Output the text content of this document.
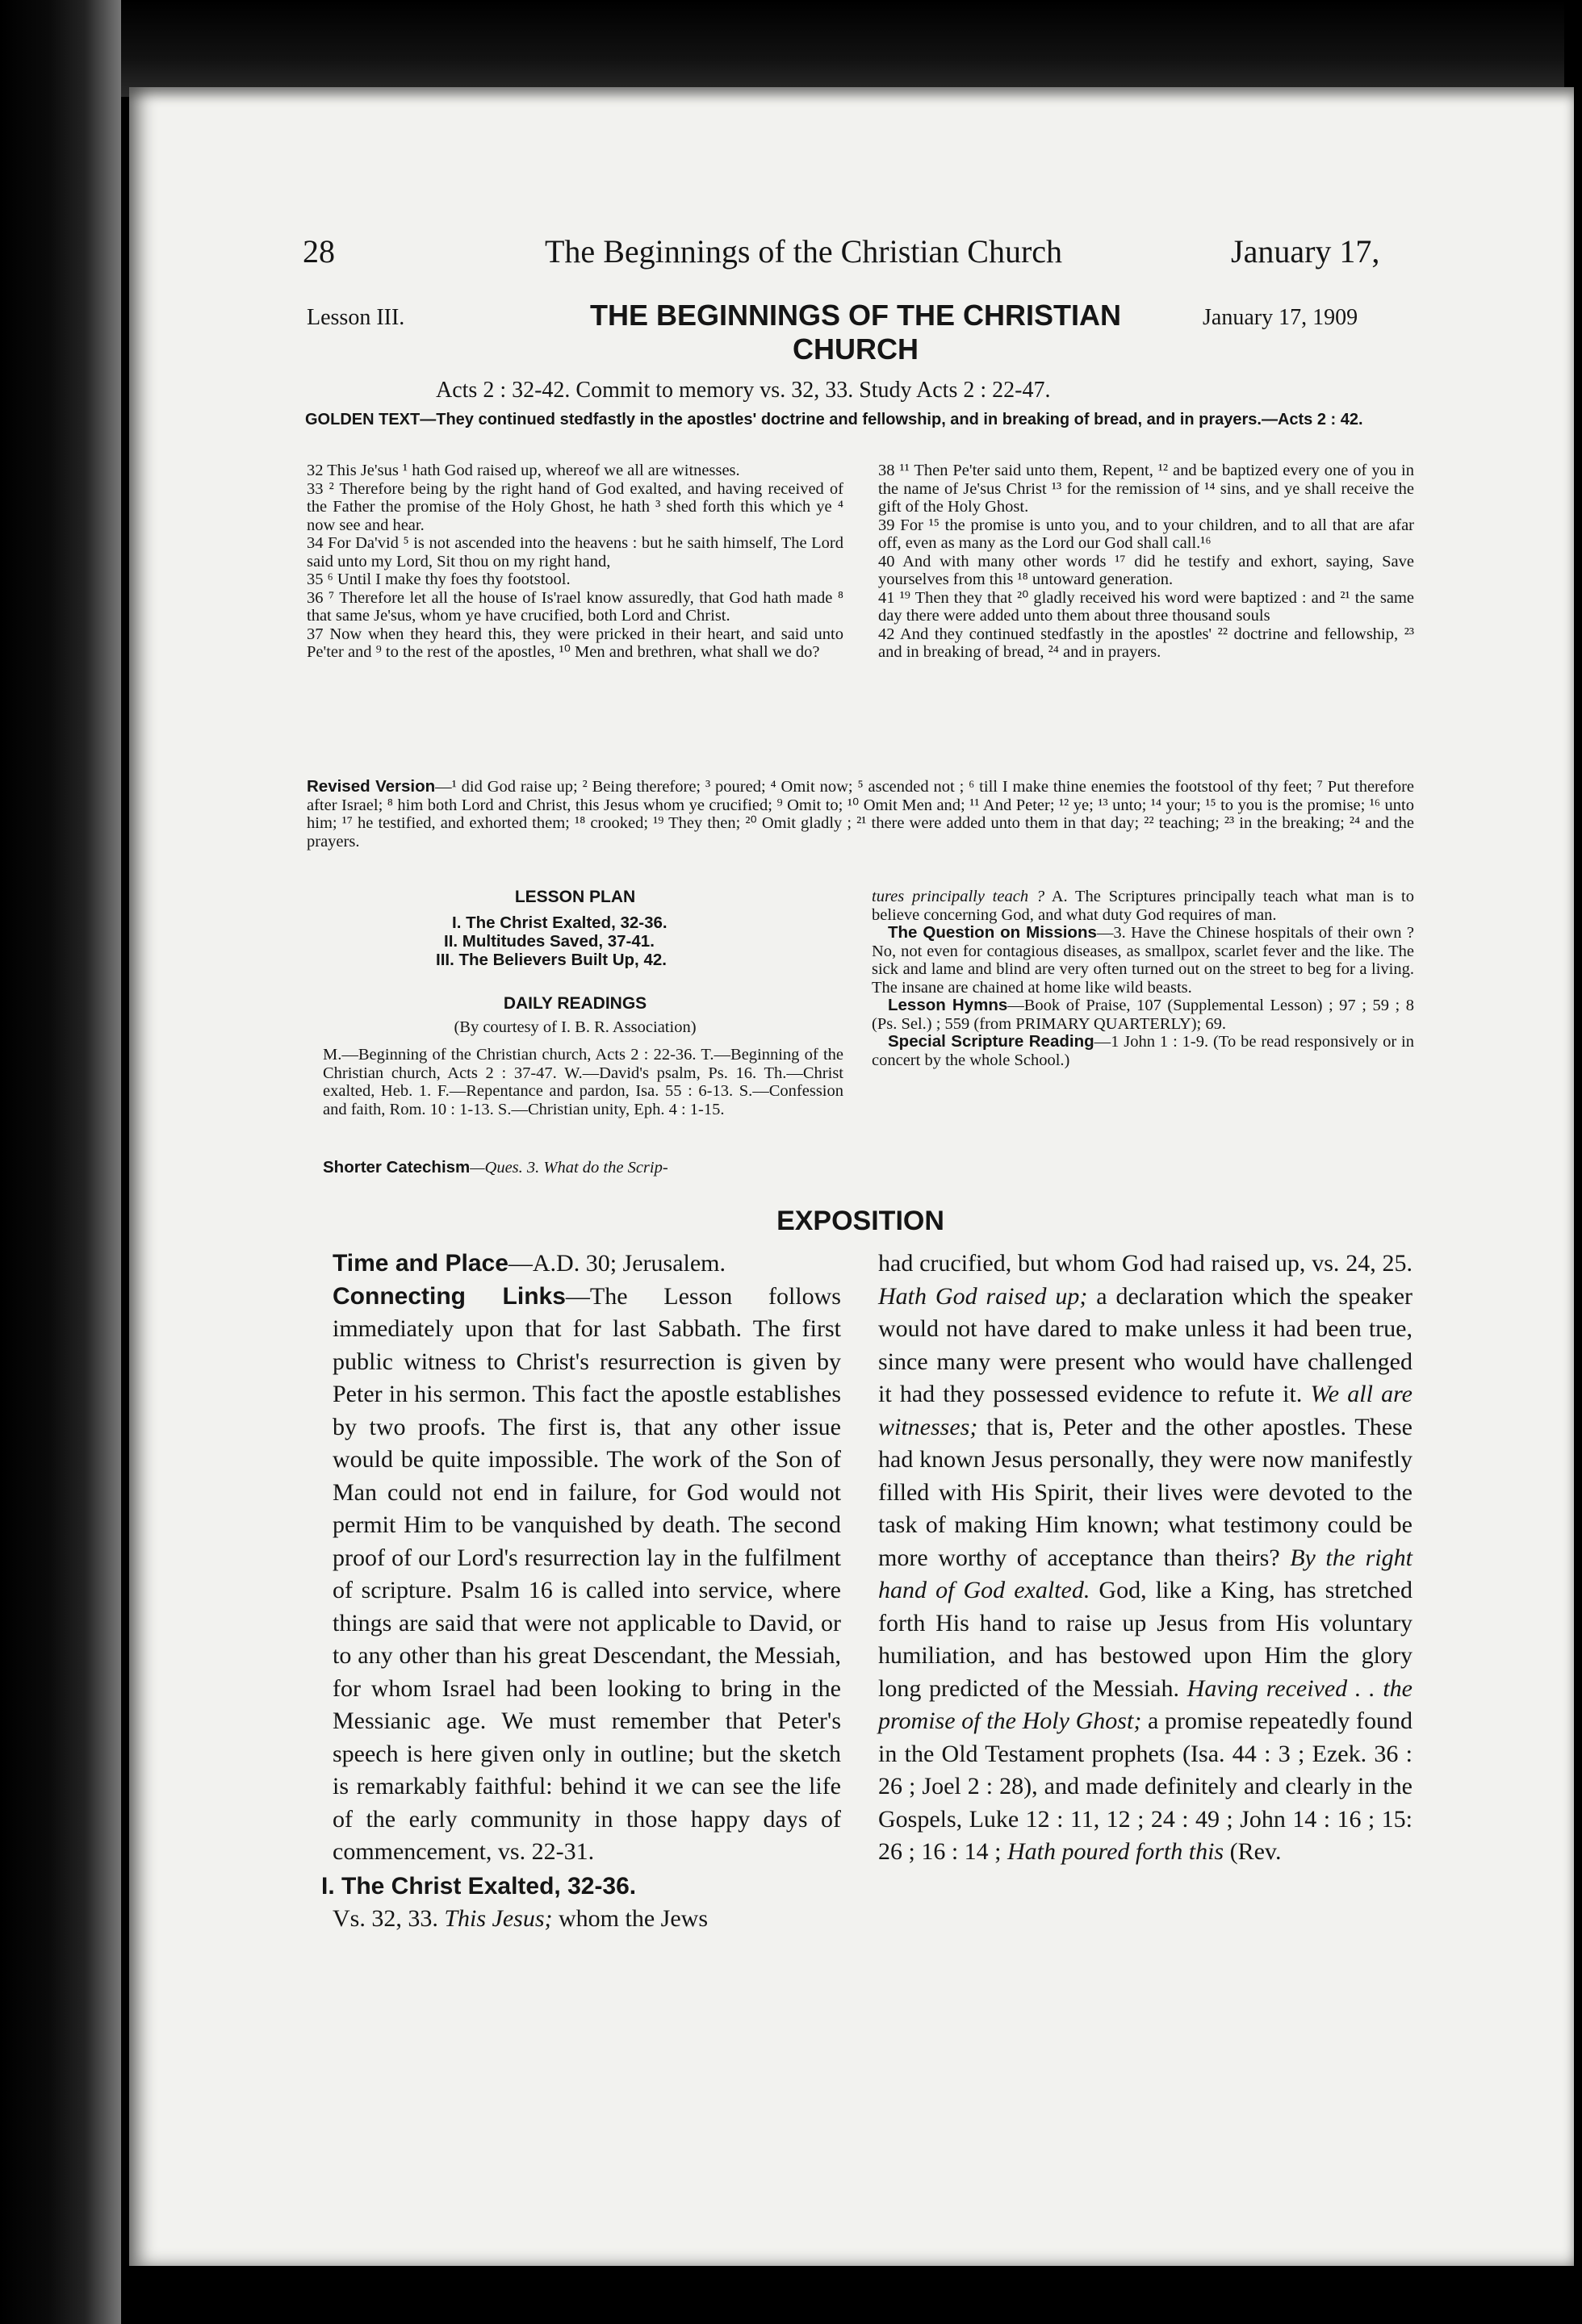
28	The Beginnings of the Christian Church	January 17,
Lesson III.	THE BEGINNINGS OF THE CHRISTIAN
CHURCH
January 17, 1909
Acts 2 : 32-42. Commit to memory vs. 32, 33. Study Acts 2 : 22-47.
GOLDEN TEXT—They continued stedfastly in the apostles' doctrine and fellowship, and in breaking of bread, and in prayers.—Acts 2 : 42.

32 This Je'sus ¹ hath God raised up, whereof we all are witnesses.

33 ² Therefore being by the right hand of God exalted, and having received of the Father the promise of the Holy Ghost, he hath ³ shed forth this which ye ⁴ now see and hear.

34 For Da'vid ⁵ is not ascended into the heavens : but he saith himself, The Lord said unto my Lord, Sit thou on my right hand,

35 ⁶ Until I make thy foes thy footstool.

36 ⁷ Therefore let all the house of Is'rael know assuredly, that God hath made ⁸ that same Je'sus, whom ye have crucified, both Lord and Christ.

37 Now when they heard this, they were pricked in their heart, and said unto Pe'ter and ⁹ to the rest of the apostles, ¹⁰ Men and brethren, what shall we do?

38 ¹¹ Then Pe'ter said unto them, Repent, ¹² and be baptized every one of you in the name of Je'sus Christ ¹³ for the remission of ¹⁴ sins, and ye shall receive the gift of the Holy Ghost.

39 For ¹⁵ the promise is unto you, and to your children, and to all that are afar off, even as many as the Lord our God shall call.¹⁶

40 And with many other words ¹⁷ did he testify and exhort, saying, Save yourselves from this ¹⁸ untoward generation.

41 ¹⁹ Then they that ²⁰ gladly received his word were baptized : and ²¹ the same day there were added unto them about three thousand souls

42 And they continued stedfastly in the apostles' ²² doctrine and fellowship, ²³ and in breaking of bread, ²⁴ and in prayers.

Revised Version—¹ did God raise up; ² Being therefore; ³ poured; ⁴ Omit now; ⁵ ascended not ; ⁶ till I make thine enemies the footstool of thy feet; ⁷ Put therefore after Israel; ⁸ him both Lord and Christ, this Jesus whom ye crucified; ⁹ Omit to; ¹⁰ Omit Men and; ¹¹ And Peter; ¹² ye; ¹³ unto; ¹⁴ your; ¹⁵ to you is the promise; ¹⁶ unto him; ¹⁷ he testified, and exhorted them; ¹⁸ crooked; ¹⁹ They then; ²⁰ Omit gladly ; ²¹ there were added unto them in that day; ²² teaching; ²³ in the breaking; ²⁴ and the prayers.
LESSON PLAN
I. The Christ Exalted, 32-36.
II. Multitudes Saved, 37-41.
III. The Believers Built Up, 42.
DAILY READINGS
(By courtesy of I. B. R. Association)
M.—Beginning of the Christian church, Acts 2 : 22-36. T.—Beginning of the Christian church, Acts 2 : 37-47. W.—David's psalm, Ps. 16. Th.—Christ exalted, Heb. 1. F.—Repentance and pardon, Isa. 55 : 6-13. S.—Confession and faith, Rom. 10 : 1-13. S.—Christian unity, Eph. 4 : 1-15.
Shorter Catechism—Ques. 3. What do the Scrip-

tures principally teach ? A. The Scriptures principally teach what man is to believe concerning God, and what duty God requires of man.

The Question on Missions—3. Have the Chinese hospitals of their own ? No, not even for contagious diseases, as smallpox, scarlet fever and the like. The sick and lame and blind are very often turned out on the street to beg for a living. The insane are chained at home like wild beasts.

Lesson Hymns—Book of Praise, 107 (Supplemental Lesson) ; 97 ; 59 ; 8 (Ps. Sel.) ; 559 (from PRIMARY QUARTERLY); 69.

Special Scripture Reading—1 John 1 : 1-9. (To be read responsively or in concert by the whole School.)

EXPOSITION

Time and Place—A.D. 30; Jerusalem.

Connecting Links—The Lesson follows immediately upon that for last Sabbath. The first public witness to Christ's resurrection is given by Peter in his sermon. This fact the apostle establishes by two proofs. The first is, that any other issue would be quite impossible. The work of the Son of Man could not end in failure, for God would not permit Him to be vanquished by death. The second proof of our Lord's resurrection lay in the fulfilment of scripture. Psalm 16 is called into service, where things are said that were not applicable to David, or to any other than his great Descendant, the Messiah, for whom Israel had been looking to bring in the Messianic age. We must remember that Peter's speech is here given only in outline; but the sketch is remarkably faithful: behind it we can see the life of the early community in those happy days of commencement, vs. 22-31.

I. The Christ Exalted, 32-36.

Vs. 32, 33. This Jesus; whom the Jews

had crucified, but whom God had raised up, vs. 24, 25. Hath God raised up; a declaration which the speaker would not have dared to make unless it had been true, since many were present who would have challenged it had they possessed evidence to refute it. We all are witnesses; that is, Peter and the other apostles. These had known Jesus personally, they were now manifestly filled with His Spirit, their lives were devoted to the task of making Him known; what testimony could be more worthy of acceptance than theirs? By the right hand of God exalted. God, like a King, has stretched forth His hand to raise up Jesus from His voluntary humiliation, and has bestowed upon Him the glory long predicted of the Messiah. Having received . . the promise of the Holy Ghost; a promise repeatedly found in the Old Testament prophets (Isa. 44 : 3 ; Ezek. 36 : 26 ; Joel 2 : 28), and made definitely and clearly in the Gospels, Luke 12 : 11, 12 ; 24 : 49 ; John 14 : 16 ; 15: 26 ; 16 : 14 ; Hath poured forth this (Rev.
